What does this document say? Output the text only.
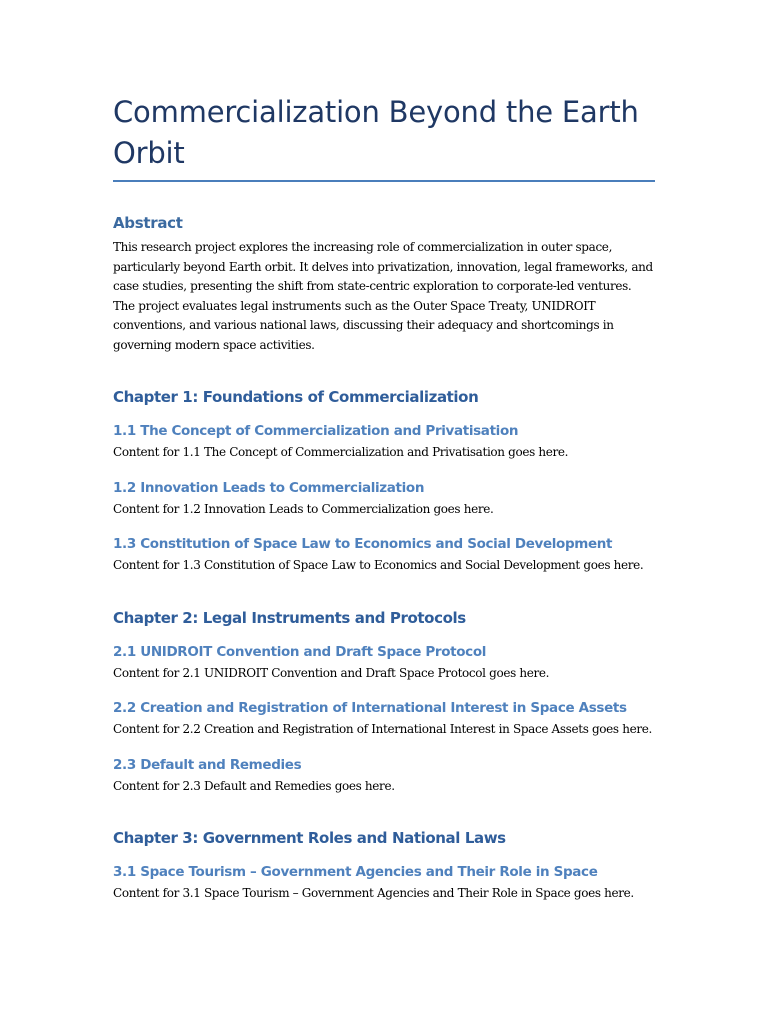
Commercialization Beyond the Earth Orbit
Abstract

This research project explores the increasing role of commercialization in outer space, particularly beyond Earth orbit. It delves into privatization, innovation, legal frameworks, and case studies, presenting the shift from state-centric exploration to corporate-led ventures. The project evaluates legal instruments such as the Outer Space Treaty, UNIDROIT conventions, and various national laws, discussing their adequacy and shortcomings in governing modern space activities.

Chapter 1: Foundations of Commercialization
1.1 The Concept of Commercialization and Privatisation

Content for 1.1 The Concept of Commercialization and Privatisation goes here.

1.2 Innovation Leads to Commercialization

Content for 1.2 Innovation Leads to Commercialization goes here.

1.3 Constitution of Space Law to Economics and Social Development

Content for 1.3 Constitution of Space Law to Economics and Social Development goes here.

Chapter 2: Legal Instruments and Protocols
2.1 UNIDROIT Convention and Draft Space Protocol

Content for 2.1 UNIDROIT Convention and Draft Space Protocol goes here.

2.2 Creation and Registration of International Interest in Space Assets

Content for 2.2 Creation and Registration of International Interest in Space Assets goes here.

2.3 Default and Remedies

Content for 2.3 Default and Remedies goes here.

Chapter 3: Government Roles and National Laws
3.1 Space Tourism – Government Agencies and Their Role in Space

Content for 3.1 Space Tourism – Government Agencies and Their Role in Space goes here.
